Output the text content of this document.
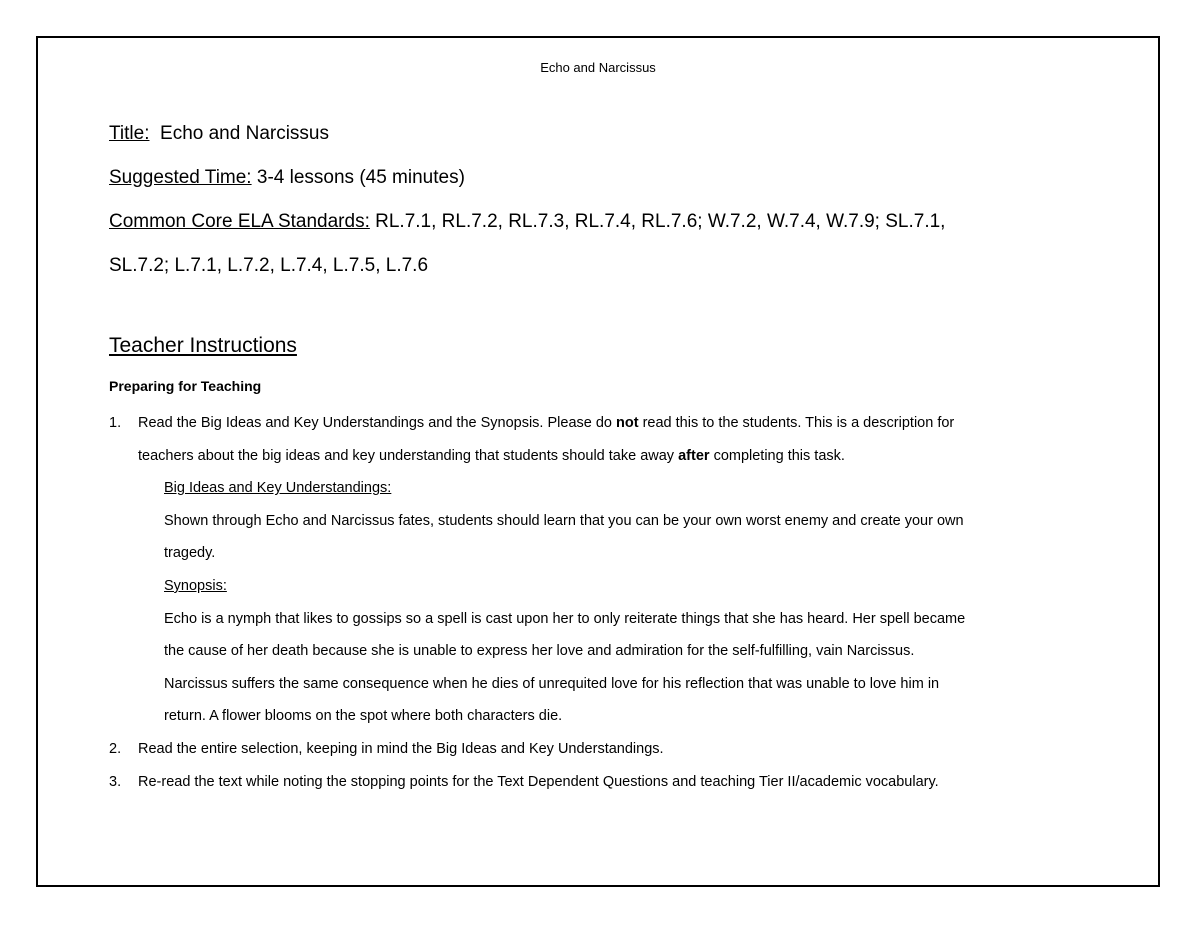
Echo and Narcissus
Title: Echo and Narcissus
Suggested Time: 3-4 lessons (45 minutes)
Common Core ELA Standards: RL.7.1, RL.7.2, RL.7.3, RL.7.4, RL.7.6; W.7.2, W.7.4, W.7.9; SL.7.1,
SL.7.2; L.7.1, L.7.2, L.7.4, L.7.5, L.7.6
Teacher Instructions
Preparing for Teaching
1. Read the Big Ideas and Key Understandings and the Synopsis. Please do not read this to the students. This is a description for
teachers about the big ideas and key understanding that students should take away after completing this task.
Big Ideas and Key Understandings:
Shown through Echo and Narcissus fates, students should learn that you can be your own worst enemy and create your own
tragedy.
Synopsis:
Echo is a nymph that likes to gossips so a spell is cast upon her to only reiterate things that she has heard. Her spell became
the cause of her death because she is unable to express her love and admiration for the self-fulfilling, vain Narcissus.
Narcissus suffers the same consequence when he dies of unrequited love for his reflection that was unable to love him in
return. A flower blooms on the spot where both characters die.
2. Read the entire selection, keeping in mind the Big Ideas and Key Understandings.
3. Re-read the text while noting the stopping points for the Text Dependent Questions and teaching Tier II/academic vocabulary.
